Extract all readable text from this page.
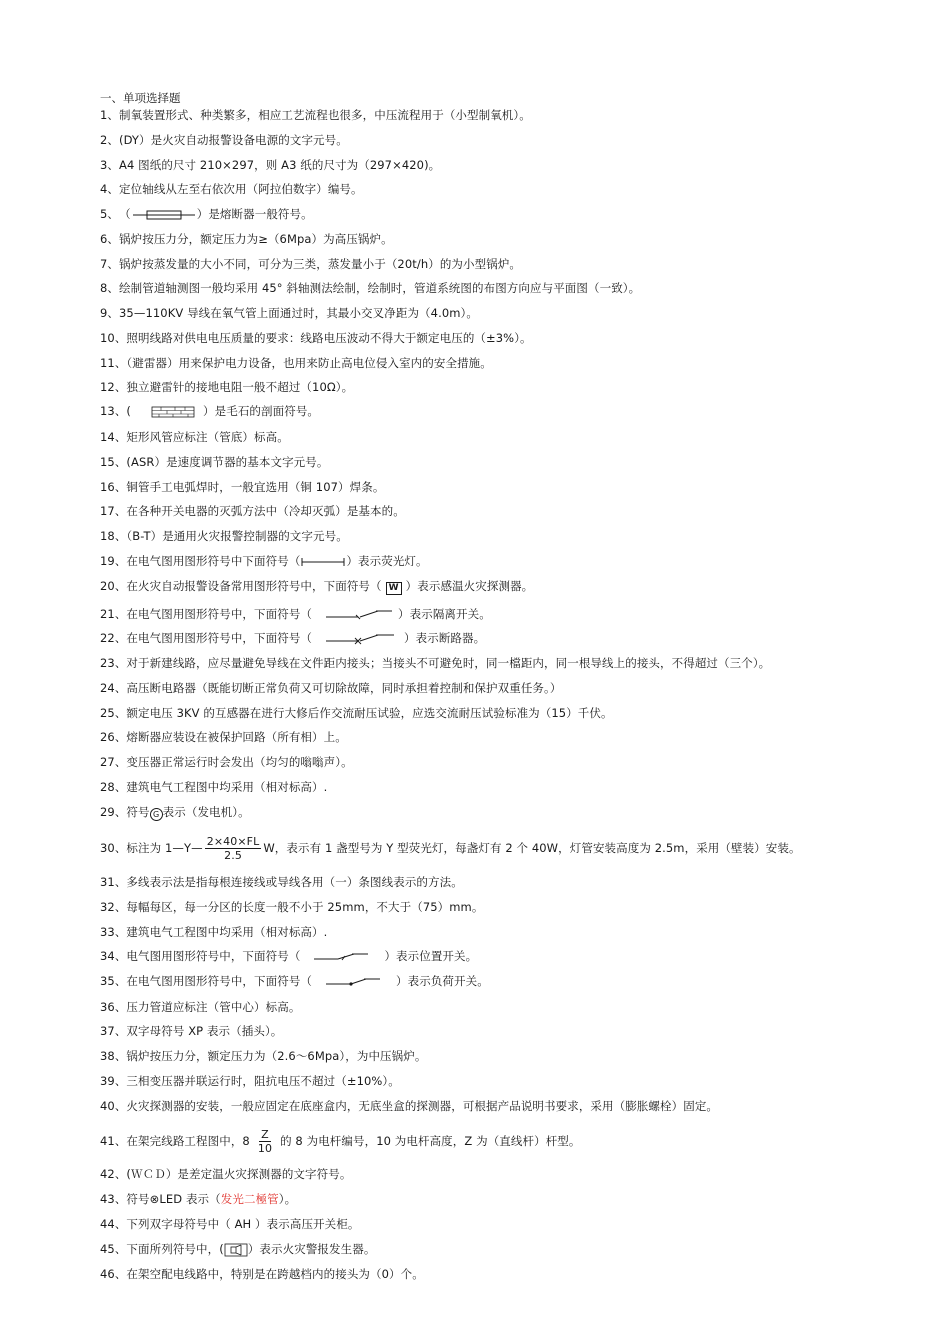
一、单项选择题
1、制氧装置形式、种类繁多，相应工艺流程也很多，中压流程用于（小型制氧机）。
2、(DY）是火灾自动报警设备电源的文字元号。
3、A4 图纸的尺寸 210×297，则 A3 纸的尺寸为（297×420)。
4、定位轴线从左至右依次用（阿拉伯数字）编号。
5、　（	）是熔断器一般符号。
6、锅炉按压力分，额定压力为≥（6Mpa）为高压锅炉。
7、锅炉按蒸发量的大小不同，可分为三类，蒸发量小于（20t/h）的为小型锅炉。
8、绘制管道轴测图一般均采用 45° 斜轴测法绘制，绘制时，管道系统图的布图方向应与平面图（一致）。
9、35—110KV 导线在氧气管上面通过时，其最小交叉净距为（4.0m）。
10、照明线路对供电电压质量的要求：线路电压波动不得大于额定电压的（±3%）。
11、（避雷器）用来保护电力设备，也用来防止高电位侵入室内的安全措施。
12、独立避雷针的接地电阻一般不超过（10Ω）。
13、(	）是毛石的剖面符号。
14、矩形风管应标注（管底）标高。
15、(ASR）是速度调节器的基本文字元号。
16、铜管手工电弧焊时，一般宜选用（铜 107）焊条。
17、在各种开关电器的灭弧方法中（冷却灭弧）是基本的。
18、（B-T）是通用火灾报警控制器的文字元号。
19、在电气图用图形符号中下面符号（	）表示荧光灯。
20、在火灾自动报警设备常用图形符号中，下面符号（ W ）表示感温火灾探测器。
21、在电气图用图形符号中，下面符号（	）表示隔离开关。
22、在电气图用图形符号中，下面符号（	）表示断路器。
23、对于新建线路，应尽量避免导线在文件距内接头；当接头不可避免时，同一檔距内，同一根导线上的接头，不得超过（三个）。
24、高压断电路器（既能切断正常负荷又可切除故障，同时承担着控制和保护双重任务。）
25、额定电压 3KV 的互感器在进行大修后作交流耐压试验，应选交流耐压试验标准为（15）千伏。
26、熔断器应装设在被保护回路（所有相）上。
27、变压器正常运行时会发出（均匀的嗡嗡声）。
28、建筑电气工程图中均采用（相对标高）.
29、符号 G 表示（发电机）。
30、标注为 1—Y— $\frac{2\times 40\times FL}{2.5}$ W，表示有 1 盏型号为 Y 型荧光灯，每盏灯有 2 个 40W，灯管安装高度为 2.5m，采用（壁装）安装。
31、多线表示法是指每根连接线或导线各用（一）条图线表示的方法。
32、每幅每区，每一分区的长度一般不小于 25mm，不大于（75）mm。
33、建筑电气工程图中均采用（相对标高）.
34、电气图用图形符号中，下面符号（	）表示位置开关。
35、在电气图用图形符号中，下面符号（	）表示负荷开关。
36、压力管道应标注（管中心）标高。
37、双字母符号 XP 表示（插头）。
38、锅炉按压力分，额定压力为（2.6～6Mpa），为中压锅炉。
39、三相变压器并联运行时，阻抗电压不超过（±10%）。
40、火灾探测器的安装，一般应固定在底座盒内，无底坐盒的探测器，可根据产品说明书要求，采用（膨胀螺栓）固定。
41、在架完线路工程图中，$8 \frac{Z}{10}$ 的 8 为电杆编号，10 为电杆高度，Z 为（直线杆）杆型。
42、(ＷＣＤ）是差定温火灾探测器的文字符号。
43、符号⊗LED 表示（发光二極管）。
44、下列双字母符号中（ AH ）表示高压开关柜。
45、下面所列符号中，( ）表示火灾警报发生器。
46、在架空配电线路中，特别是在跨越档内的接头为（0）个。
